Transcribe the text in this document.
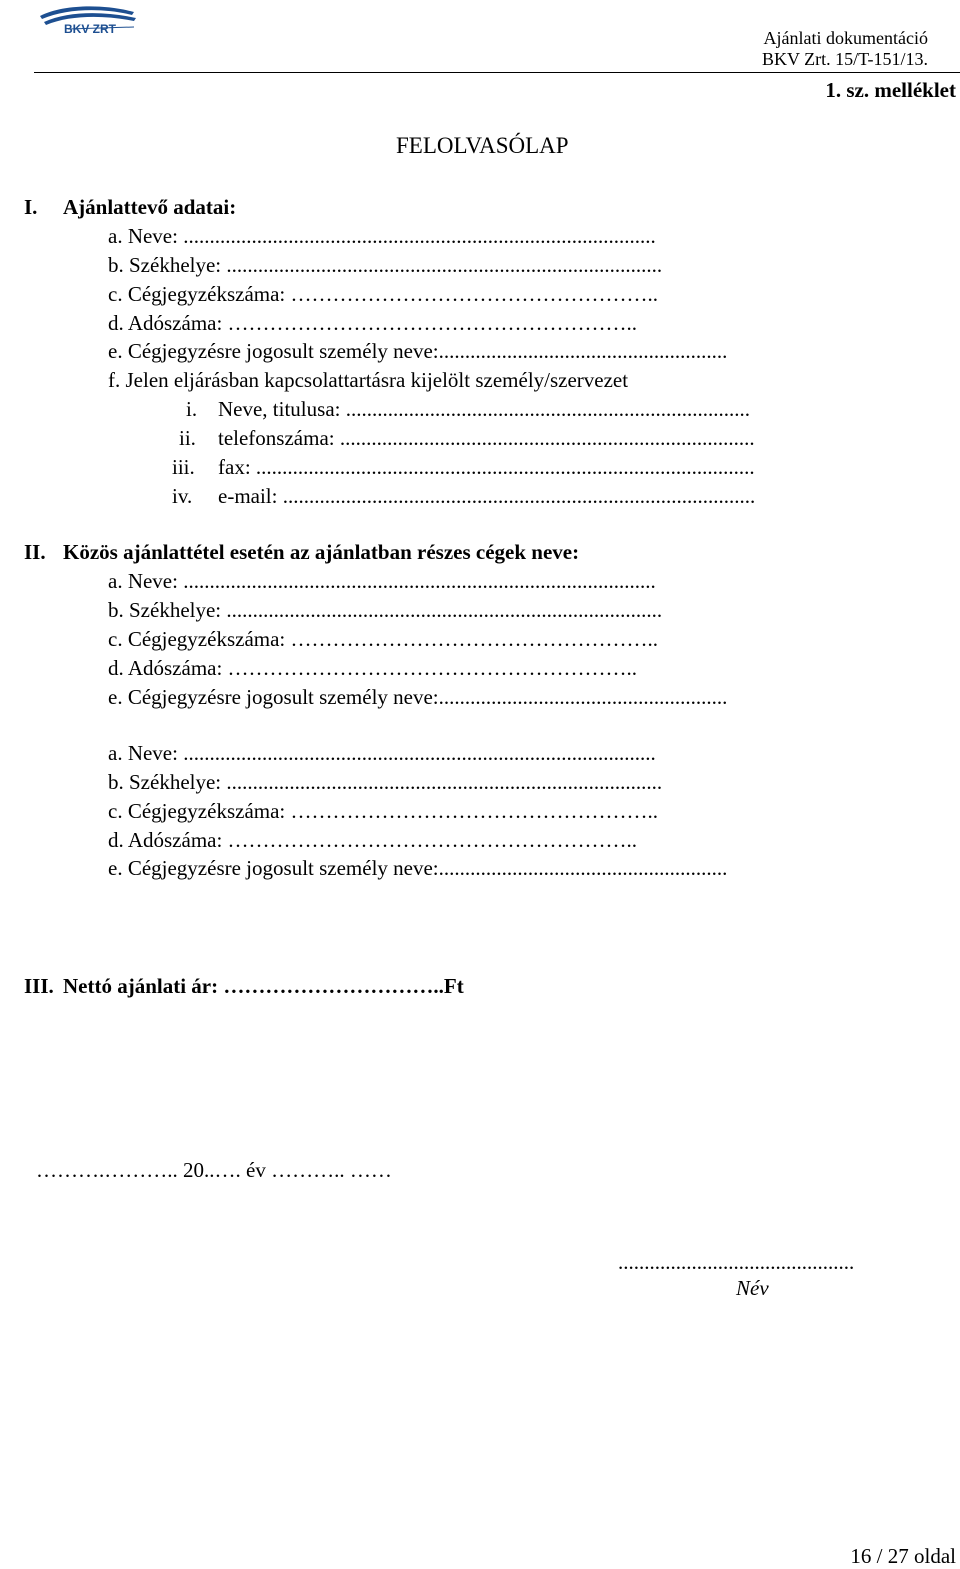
BKV ZRT	Ajánlati dokumentáció
BKV Zrt. 15/T-151/13.
1. sz. melléklet
FELOLVASÓLAP
I. Ajánlattevő adatai:
a. Neve: ..........................................................................................
b. Székhelye: ...................................................................................
c. Cégjegyzékszáma: ……………………………………………..
d. Adószáma: …………………………………………………..
e. Cégjegyzésre jogosult személy neve:.......................................................
f. Jelen eljárásban kapcsolattartásra kijelölt személy/szervezet
i. Neve, titulusa: .............................................................................
ii. telefonszáma: ...............................................................................
iii. fax: ...............................................................................................
iv. e-mail: ..........................................................................................
II. Közös ajánlattétel esetén az ajánlatban részes cégek neve:
a. Neve: ..........................................................................................
b. Székhelye: ...................................................................................
c. Cégjegyzékszáma: ……………………………………………..
d. Adószáma: …………………………………………………..
e. Cégjegyzésre jogosult személy neve:.......................................................
a. Neve: ..........................................................................................
b. Székhelye: ...................................................................................
c. Cégjegyzékszáma: ……………………………………………..
d. Adószáma: …………………………………………………..
e. Cégjegyzésre jogosult személy neve:.......................................................
III. Nettó ajánlati ár: …………………………..Ft
……….……….. 20..…. év ……….. ……
.............................................
Név
16 / 27 oldal
